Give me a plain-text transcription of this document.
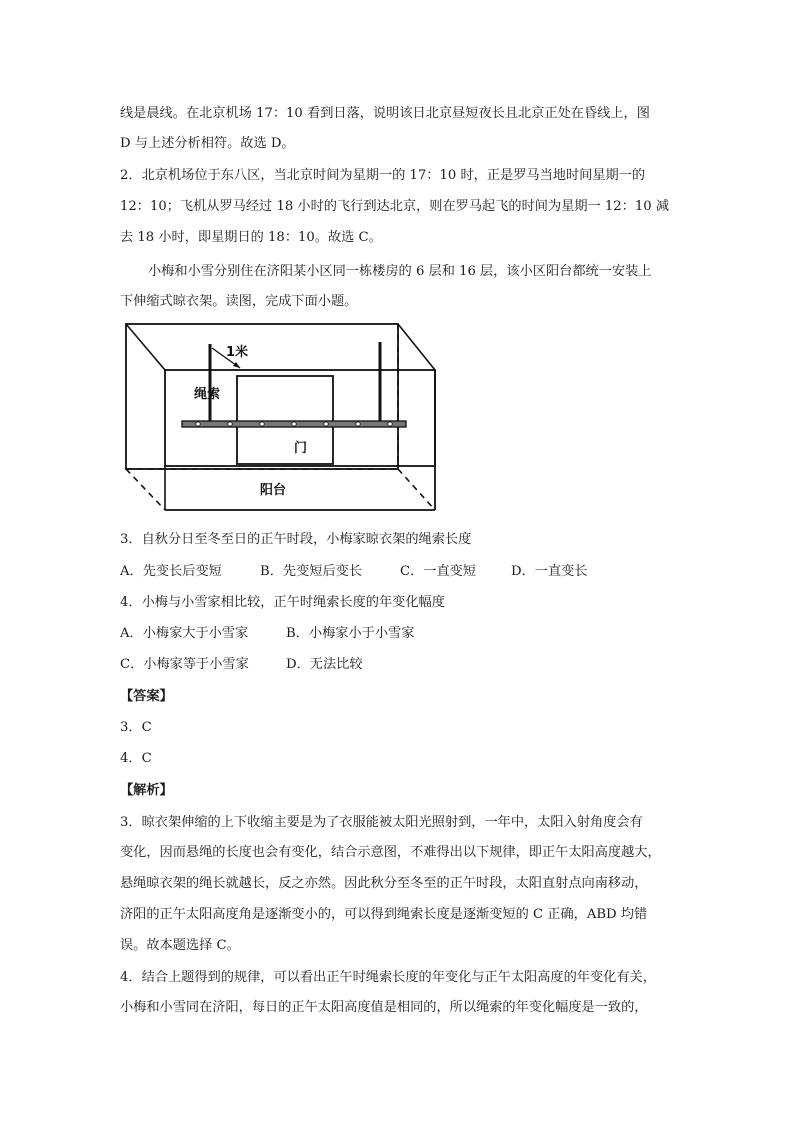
线是晨线。在北京机场 17：10 看到日落，说明该日北京昼短夜长且北京正处在昏线上，图
D 与上述分析相符。故选 D。
2．北京机场位于东八区，当北京时间为星期一的 17：10 时，正是罗马当地时间星期一的
12：10；飞机从罗马经过 18 小时的飞行到达北京，则在罗马起飞的时间为星期一 12：10 减
去 18 小时，即星期日的 18：10。故选 C。
小梅和小雪分别住在济阳某小区同一栋楼房的 6 层和 16 层，该小区阳台都统一安装上
下伸缩式晾衣架。读图，完成下面小题。
1米
绳索
门
阳台
3．自秋分日至冬至日的正午时段，小梅家晾衣架的绳索长度
A．先变长后变短	B．先变短后变长	C．一直变短	D．一直变长
4．小梅与小雪家相比较，正午时绳索长度的年变化幅度
A．小梅家大于小雪家	B．小梅家小于小雪家
C．小梅家等于小雪家	D．无法比较
【答案】
3．C
4．C
【解析】
3．晾衣架伸缩的上下收缩主要是为了衣服能被太阳光照射到，一年中，太阳入射角度会有
变化，因而悬绳的长度也会有变化，结合示意图，不难得出以下规律，即正午太阳高度越大，
悬绳晾衣架的绳长就越长，反之亦然。因此秋分至冬至的正午时段，太阳直射点向南移动，
济阳的正午太阳高度角是逐渐变小的，可以得到绳索长度是逐渐变短的 C 正确，ABD 均错
误。故本题选择 C。
4．结合上题得到的规律，可以看出正午时绳索长度的年变化与正午太阳高度的年变化有关，
小梅和小雪同在济阳，每日的正午太阳高度值是相同的，所以绳索的年变化幅度是一致的，
